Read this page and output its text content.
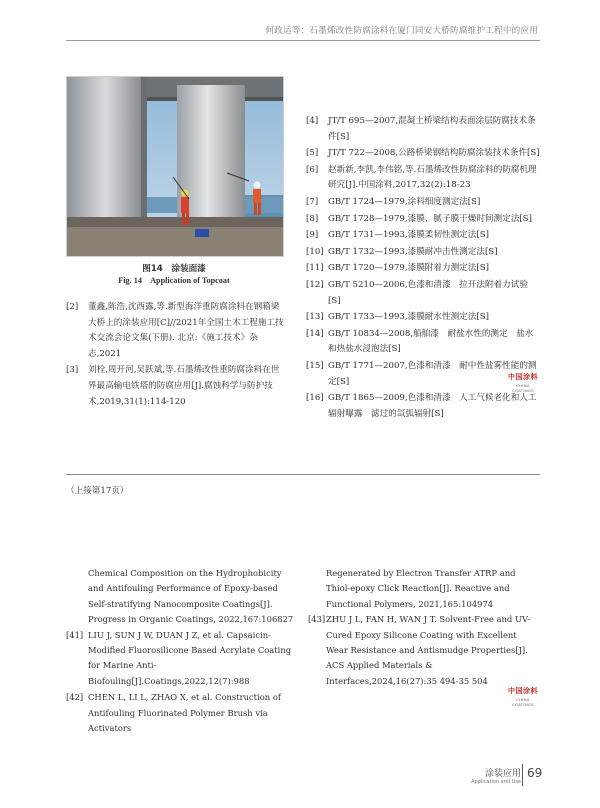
何政运等：石墨烯改性防腐涂料在厦门同安大桥防腐维护工程中的应用
图14　涂装面漆
Fig. 14　Application of Topcoat
[2] 董鑫,陈浩,沈西露,等.新型海洋重防腐涂料在钢箱梁大桥上的涂装应用[C]//2021年全国土木工程施工技术交流会论文集(下册). 北京:《施工技术》杂志,2021
[3] 刘栓,周开河,吴跃斌,等.石墨烯改性重防腐涂料在世界最高输电铁塔的防腐应用[J].腐蚀科学与防护技术,2019,31(1):114-120
[4] JT/T 695—2007,混凝土桥梁结构表面涂层防腐技术条件[S]
[5] JT/T 722—2008,公路桥梁钢结构防腐涂装技术条件[S]
[6] 赵新新,李凯,李伟铭,等.石墨烯改性防腐涂料的防腐机理研究[J].中国涂料,2017,32(2):18-23
[7] GB/T 1724—1979,涂料细度测定法[S]
[8] GB/T 1728—1979,漆膜、腻子膜干燥时间测定法[S]
[9] GB/T 1731—1993,漆膜柔韧性测定法[S]
[10] GB/T 1732—1993,漆膜耐冲击性测定法[S]
[11] GB/T 1720—1979,漆膜附着力测定法[S]
[12] GB/T 5210—2006,色漆和清漆　拉开法附着力试验[S]
[13] GB/T 1733—1993,漆膜耐水性测定法[S]
[14] GB/T 10834—2008,船舶漆　耐盐水性的测定　盐水和热盐水浸泡法[S]
[15] GB/T 1771—2007,色漆和清漆　耐中性盐雾性能的测定[S]
[16] GB/T 1865—2009,色漆和清漆　人工气候老化和人工辐射曝露　滤过的氙弧辐射[S]
中国涂料
CHINA COATINGS
（上接第17页）
Chemical Composition on the Hydrophobicity and Antifouling Performance of Epoxy-based Self-stratifying Nanocomposite Coatings[J]. Progress in Organic Coatings, 2022,167:106827
[41] LIU J, SUN J W, DUAN J Z, et al. Capsaicin-Modified Fluorosilicone Based Acrylate Coating for Marine Anti-Biofouling[J].Coatings,2022,12(7):988
[42] CHEN L, LI L, ZHAO X, et al. Construction of Antifouling Fluorinated Polymer Brush via Activators
Regenerated by Electron Transfer ATRP and Thiol-epoxy Click Reaction[J]. Reactive and Functional Polymers, 2021,165:104974
[43]ZHU J L, FAN H, WAN J T. Solvent-Free and UV-Cured Epoxy Silicone Coating with Excellent Wear Resistance and Antismudge Properties[J]. ACS Applied Materials & Interfaces,2024,16(27):35 494-35 504
中国涂料
CHINA COATINGS
涂装应用
Application and Use
69
